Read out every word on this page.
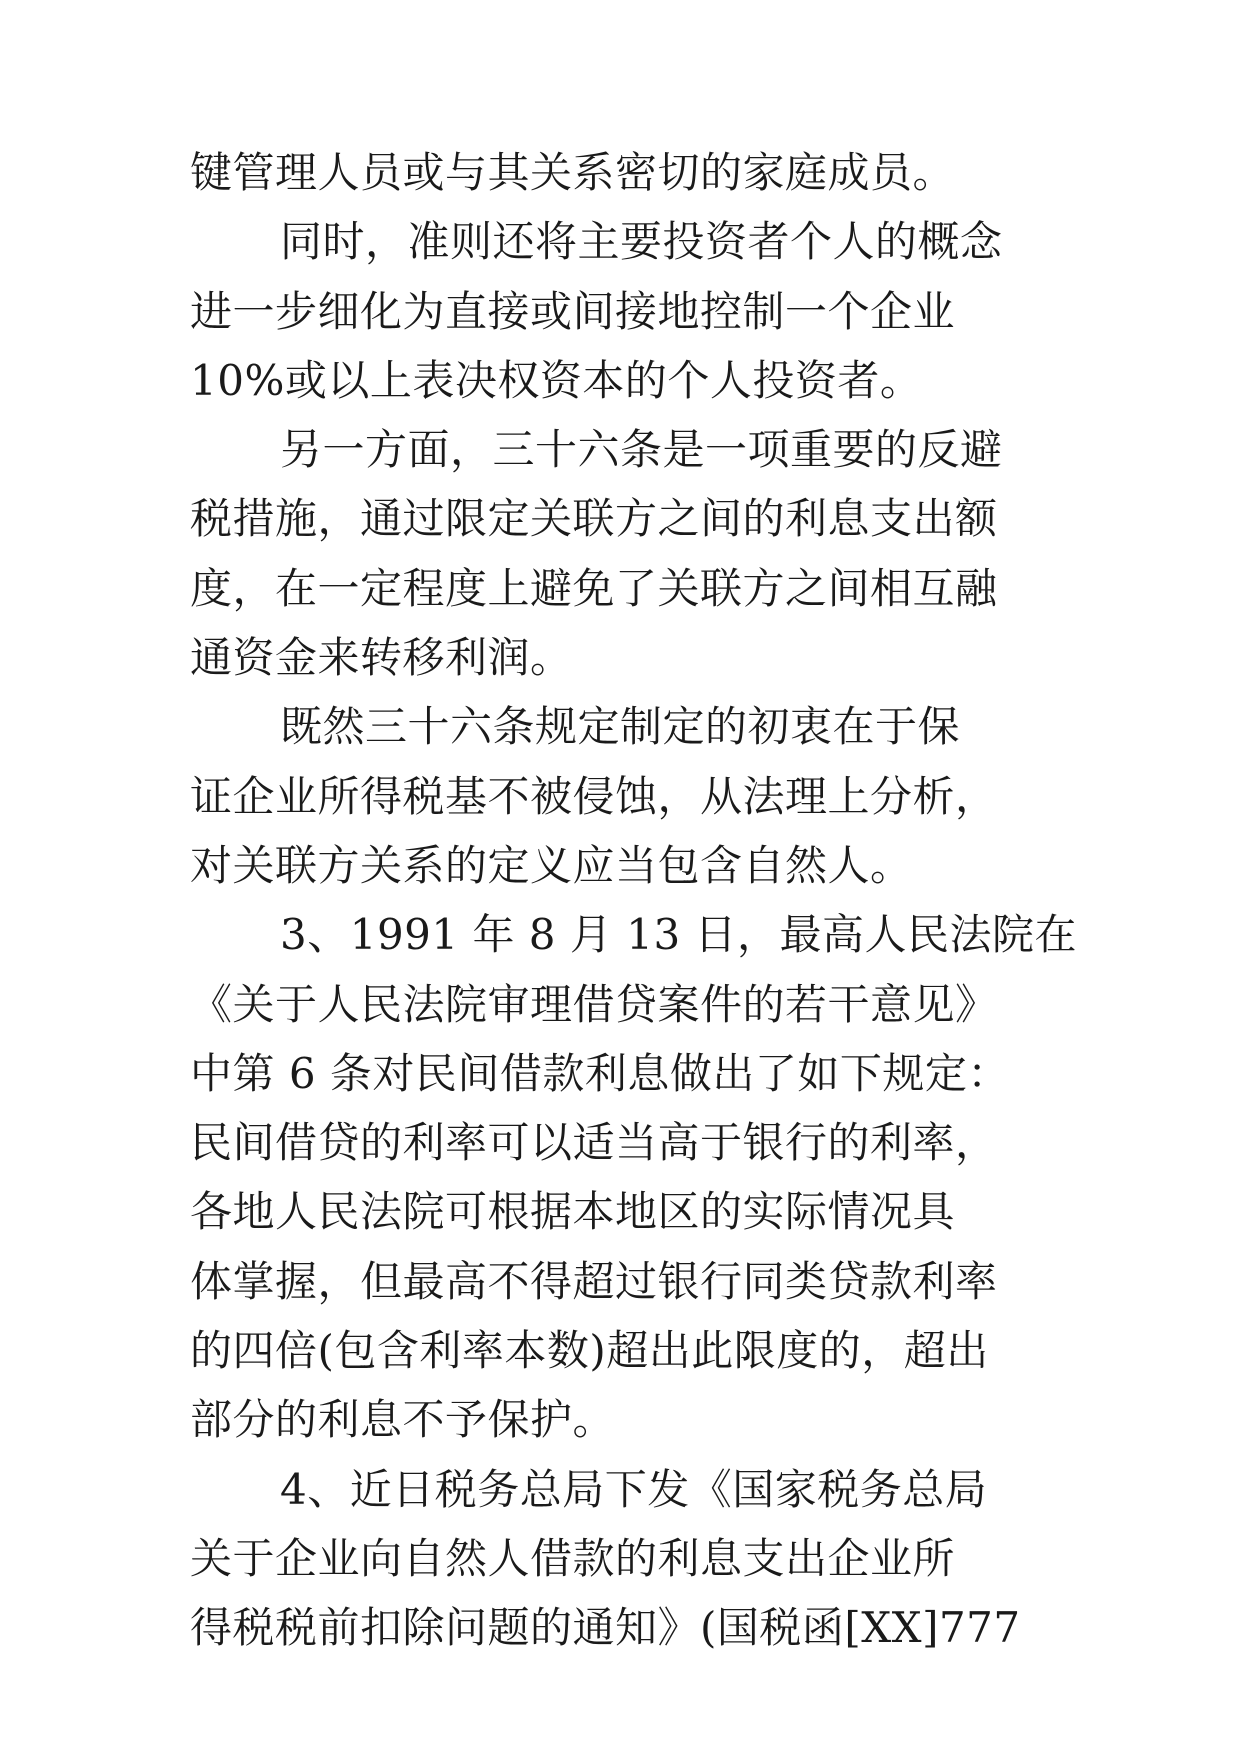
键管理人员或与其关系密切的家庭成员。
同时，准则还将主要投资者个人的概念
进一步细化为直接或间接地控制一个企业
10%或以上表决权资本的个人投资者。
另一方面，三十六条是一项重要的反避
税措施，通过限定关联方之间的利息支出额
度，在一定程度上避免了关联方之间相互融
通资金来转移利润。
既然三十六条规定制定的初衷在于保
证企业所得税基不被侵蚀，从法理上分析，
对关联方关系的定义应当包含自然人。
3、1991 年 8 月 13 日，最高人民法院在
《关于人民法院审理借贷案件的若干意见》
中第 6 条对民间借款利息做出了如下规定：
民间借贷的利率可以适当高于银行的利率，
各地人民法院可根据本地区的实际情况具
体掌握，但最高不得超过银行同类贷款利率
的四倍(包含利率本数)超出此限度的，超出
部分的利息不予保护。
4、近日税务总局下发《国家税务总局
关于企业向自然人借款的利息支出企业所
得税税前扣除问题的通知》(国税函[XX]777
